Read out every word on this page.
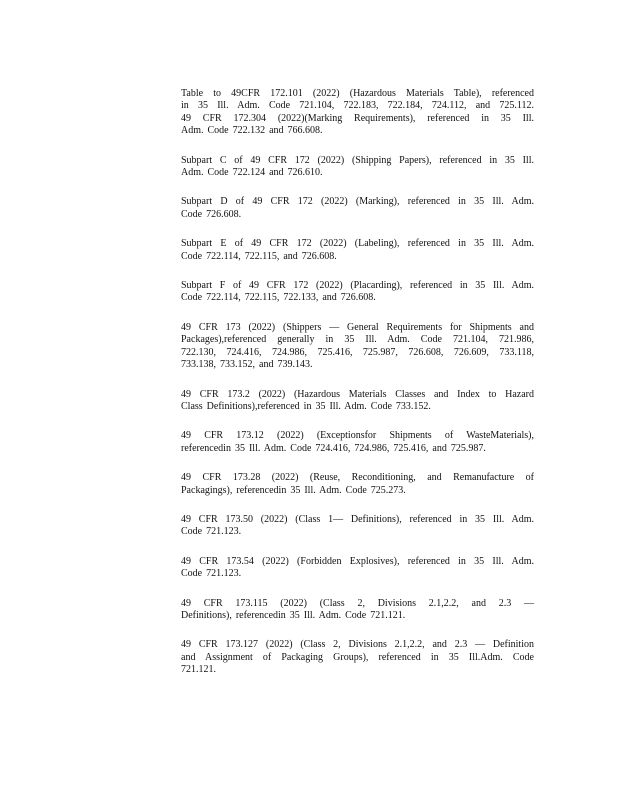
Table to 49CFR 172.101 (2022) (Hazardous Materials Table), referenced
in 35 Ill. Adm. Code 721.104, 722.183, 722.184, 724.112, and 725.112.
49 CFR 172.304 (2022)(Marking Requirements), referenced in 35 Ill.
Adm. Code 722.132 and 766.608.
Subpart C of 49 CFR 172 (2022) (Shipping Papers), referenced in 35 Ill.
Adm. Code 722.124 and 726.610.
Subpart D of 49 CFR 172 (2022) (Marking), referenced in 35 Ill. Adm.
Code 726.608.
Subpart E of 49 CFR 172 (2022) (Labeling), referenced in 35 Ill. Adm.
Code 722.114, 722.115, and 726.608.
Subpart F of 49 CFR 172 (2022) (Placarding), referenced in 35 Ill. Adm.
Code 722.114, 722.115, 722.133, and 726.608.
49 CFR 173 (2022) (Shippers — General Requirements for Shipments and
Packages),referenced generally in 35 Ill. Adm. Code 721.104, 721.986,
722.130, 724.416, 724.986, 725.416, 725.987, 726.608, 726.609, 733.118,
733.138, 733.152, and 739.143.
49 CFR 173.2 (2022) (Hazardous Materials Classes and Index to Hazard
Class Definitions),referenced in 35 Ill. Adm. Code 733.152.
49 CFR 173.12 (2022) (Exceptionsfor Shipments of WasteMaterials),
referencedin 35 Ill. Adm. Code 724.416, 724.986, 725.416, and 725.987.
49 CFR 173.28 (2022) (Reuse, Reconditioning, and Remanufacture of
Packagings), referencedin 35 Ill. Adm. Code 725.273.
49 CFR 173.50 (2022) (Class 1— Definitions), referenced in 35 Ill. Adm.
Code 721.123.
49 CFR 173.54 (2022) (Forbidden Explosives), referenced in 35 Ill. Adm.
Code 721.123.
49 CFR 173.115 (2022) (Class 2, Divisions 2.1,2.2, and 2.3 —
Definitions), referencedin 35 Ill. Adm. Code 721.121.
49 CFR 173.127 (2022) (Class 2, Divisions 2.1,2.2, and 2.3 — Definition
and Assignment of Packaging Groups), referenced in 35 Ill.Adm. Code
721.121.
